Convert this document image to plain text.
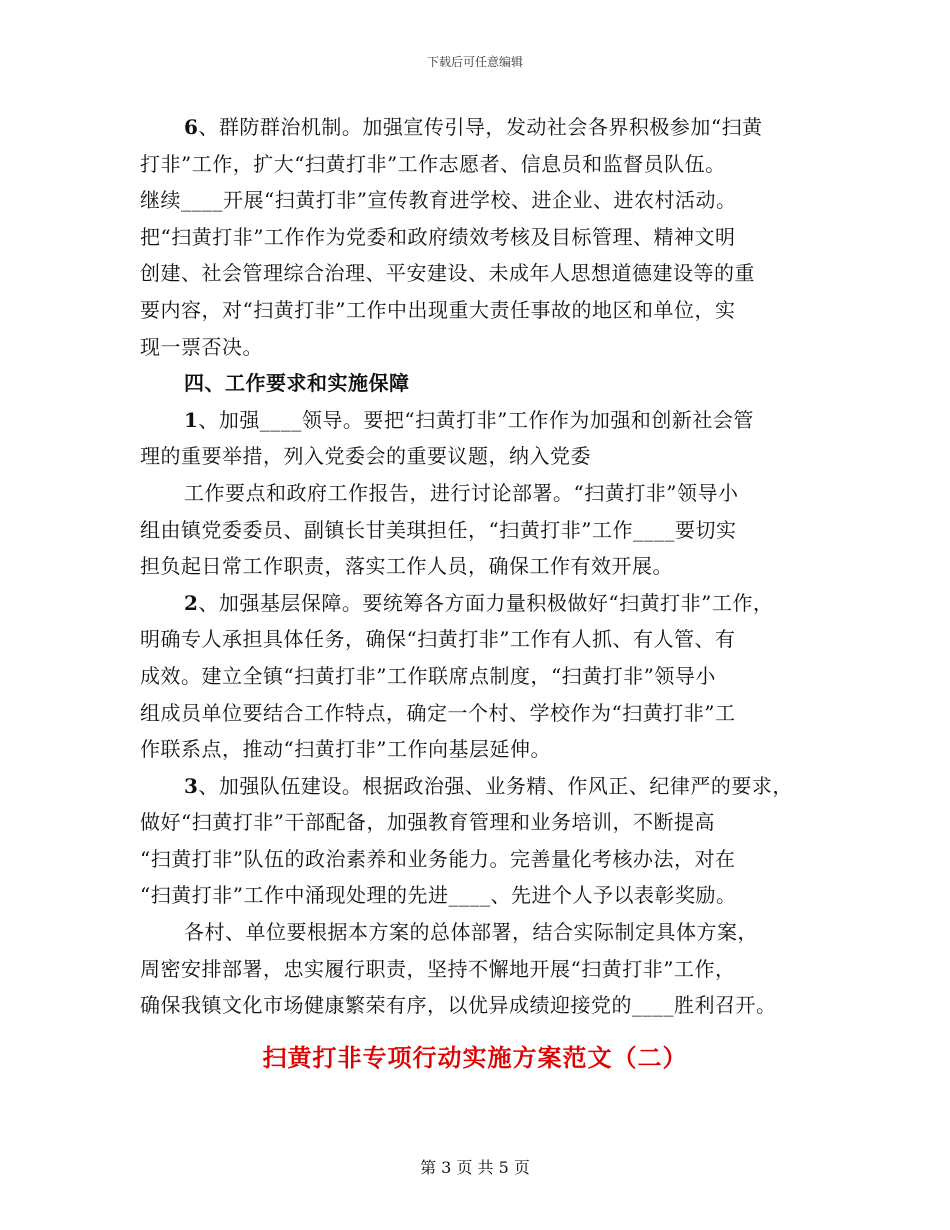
下载后可任意编辑
6、群防群治机制。加强宣传引导，发动社会各界积极参加“扫黄
打非”工作，扩大“扫黄打非”工作志愿者、信息员和监督员队伍。
继续____开展“扫黄打非”宣传教育进学校、进企业、进农村活动。
把“扫黄打非”工作作为党委和政府绩效考核及目标管理、精神文明
创建、社会管理综合治理、平安建设、未成年人思想道德建设等的重
要内容，对“扫黄打非”工作中出现重大责任事故的地区和单位，实
现一票否决。
四、工作要求和实施保障
1、加强____领导。要把“扫黄打非”工作作为加强和创新社会管
理的重要举措，列入党委会的重要议题，纳入党委
工作要点和政府工作报告，进行讨论部署。“扫黄打非”领导小
组由镇党委委员、副镇长甘美琪担任，“扫黄打非”工作____要切实
担负起日常工作职责，落实工作人员，确保工作有效开展。
2、加强基层保障。要统筹各方面力量积极做好“扫黄打非”工作，
明确专人承担具体任务，确保“扫黄打非”工作有人抓、有人管、有
成效。建立全镇“扫黄打非”工作联席点制度，“扫黄打非”领导小
组成员单位要结合工作特点，确定一个村、学校作为“扫黄打非”工
作联系点，推动“扫黄打非”工作向基层延伸。
3、加强队伍建设。根据政治强、业务精、作风正、纪律严的要求，
做好“扫黄打非”干部配备，加强教育管理和业务培训，不断提高
“扫黄打非”队伍的政治素养和业务能力。完善量化考核办法，对在
“扫黄打非”工作中涌现处理的先进____、先进个人予以表彰奖励。
各村、单位要根据本方案的总体部署，结合实际制定具体方案，
周密安排部署，忠实履行职责，坚持不懈地开展“扫黄打非”工作，
确保我镇文化市场健康繁荣有序，以优异成绩迎接党的____胜利召开。
扫黄打非专项行动实施方案范文（二）
第 3 页 共 5 页
